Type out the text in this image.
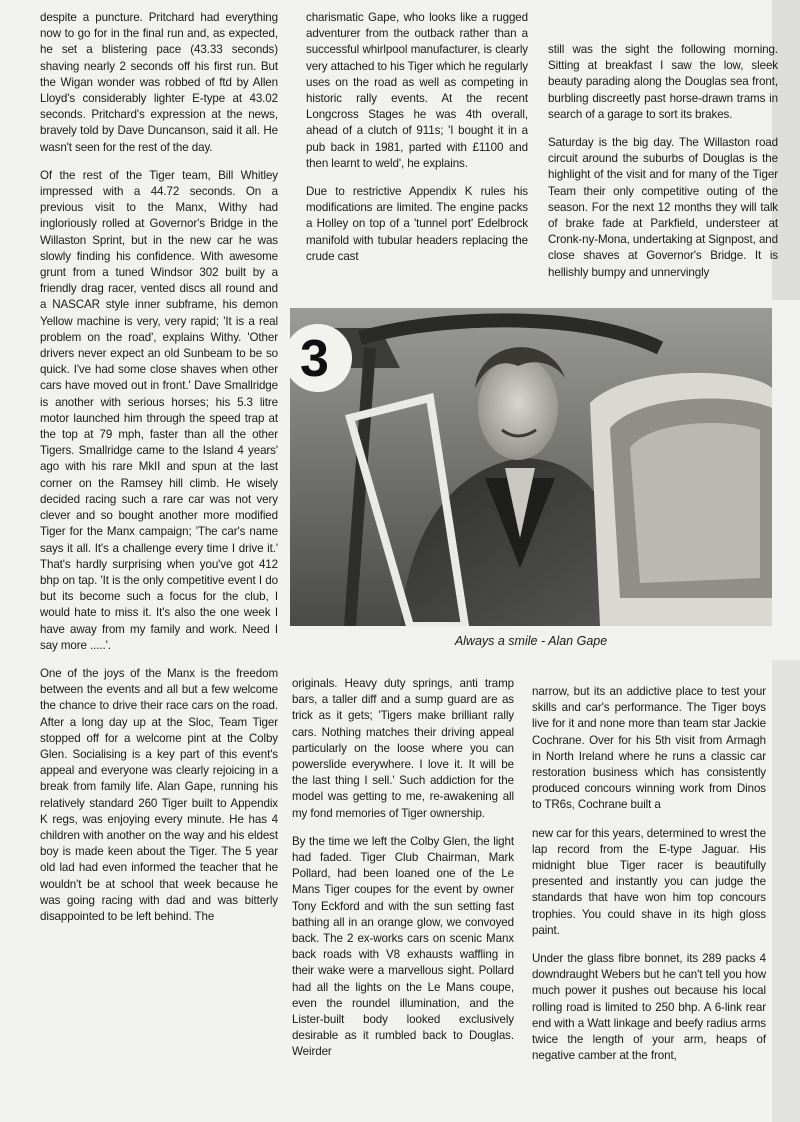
despite a puncture. Pritchard had everything now to go for in the final run and, as expected, he set a blistering pace (43.33 seconds) shaving nearly 2 seconds off his first run. But the Wigan wonder was robbed of ftd by Allen Lloyd's considerably lighter E-type at 43.02 seconds. Pritchard's expression at the news, bravely told by Dave Duncanson, said it all. He wasn't seen for the rest of the day.

Of the rest of the Tiger team, Bill Whitley impressed with a 44.72 seconds. On a previous visit to the Manx, Withy had ingloriously rolled at Governor's Bridge in the Willaston Sprint, but in the new car he was slowly finding his confidence. With awesome grunt from a tuned Windsor 302 built by a friendly drag racer, vented discs all round and a NASCAR style inner subframe, his demon Yellow machine is very, very rapid; 'It is a real problem on the road', explains Withy. 'Other drivers never expect an old Sunbeam to be so quick. I've had some close shaves when other cars have moved out in front.' Dave Smallridge is another with serious horses; his 5.3 litre motor launched him through the speed trap at the top at 79 mph, faster than all the other Tigers. Smallridge came to the Island 4 years' ago with his rare MkII and spun at the last corner on the Ramsey hill climb. He wisely decided racing such a rare car was not very clever and so bought another more modified Tiger for the Manx campaign; 'The car's name says it all. It's a challenge every time I drive it.' That's hardly surprising when you've got 412 bhp on tap. 'It is the only competitive event I do but its become such a focus for the club, I would hate to miss it. It's also the one week I have away from my family and work. Need I say more .....'.

One of the joys of the Manx is the freedom between the events and all but a few welcome the chance to drive their race cars on the road. After a long day up at the Sloc, Team Tiger stopped off for a welcome pint at the Colby Glen. Socialising is a key part of this event's appeal and everyone was clearly rejoicing in a break from family life. Alan Gape, running his relatively standard 260 Tiger built to Appendix K regs, was enjoying every minute. He has 4 children with another on the way and his eldest boy is made keen about the Tiger. The 5 year old lad had even informed the teacher that he wouldn't be at school that week because he was going racing with dad and was bitterly disappointed to be left behind. The

charismatic Gape, who looks like a rugged adventurer from the outback rather than a successful whirlpool manufacturer, is clearly very attached to his Tiger which he regularly uses on the road as well as competing in historic rally events. At the recent Longcross Stages he was 4th overall, ahead of a clutch of 911s; 'I bought it in a pub back in 1981, parted with £1100 and then learnt to weld', he explains.

Due to restrictive Appendix K rules his modifications are limited. The engine packs a Holley on top of a 'tunnel port' Edelbrock manifold with tubular headers replacing the crude cast

still was the sight the following morning. Sitting at breakfast I saw the low, sleek beauty parading along the Douglas sea front, burbling discreetly past horse-drawn trams in search of a garage to sort its brakes.

Saturday is the big day. The Willaston road circuit around the suburbs of Douglas is the highlight of the visit and for many of the Tiger Team their only competitive outing of the season. For the next 12 months they will talk of brake fade at Parkfield, understeer at Cronk-ny-Mona, undertaking at Signpost, and close shaves at Governor's Bridge. It is hellishly bumpy and unnervingly

3
Always a smile - Alan Gape

originals. Heavy duty springs, anti tramp bars, a taller diff and a sump guard are as trick as it gets; 'Tigers make brilliant rally cars. Nothing matches their driving appeal particularly on the loose where you can powerslide everywhere. I love it. It will be the last thing I sell.' Such addiction for the model was getting to me, re-awakening all my fond memories of Tiger ownership.

By the time we left the Colby Glen, the light had faded. Tiger Club Chairman, Mark Pollard, had been loaned one of the Le Mans Tiger coupes for the event by owner Tony Eckford and with the sun setting fast bathing all in an orange glow, we convoyed back. The 2 ex-works cars on scenic Manx back roads with V8 exhausts waffling in their wake were a marvellous sight. Pollard had all the lights on the Le Mans coupe, even the roundel illumination, and the Lister-built body looked exclusively desirable as it rumbled back to Douglas. Weirder

narrow, but its an addictive place to test your skills and car's performance. The Tiger boys live for it and none more than team star Jackie Cochrane. Over for his 5th visit from Armagh in North Ireland where he runs a classic car restoration business which has consistently produced concours winning work from Dinos to TR6s, Cochrane built a

new car for this years, determined to wrest the lap record from the E-type Jaguar. His midnight blue Tiger racer is beautifully presented and instantly you can judge the standards that have won him top concours trophies. You could shave in its high gloss paint.

Under the glass fibre bonnet, its 289 packs 4 downdraught Webers but he can't tell you how much power it pushes out because his local rolling road is limited to 250 bhp. A 6-link rear end with a Watt linkage and beefy radius arms twice the length of your arm, heaps of negative camber at the front,
